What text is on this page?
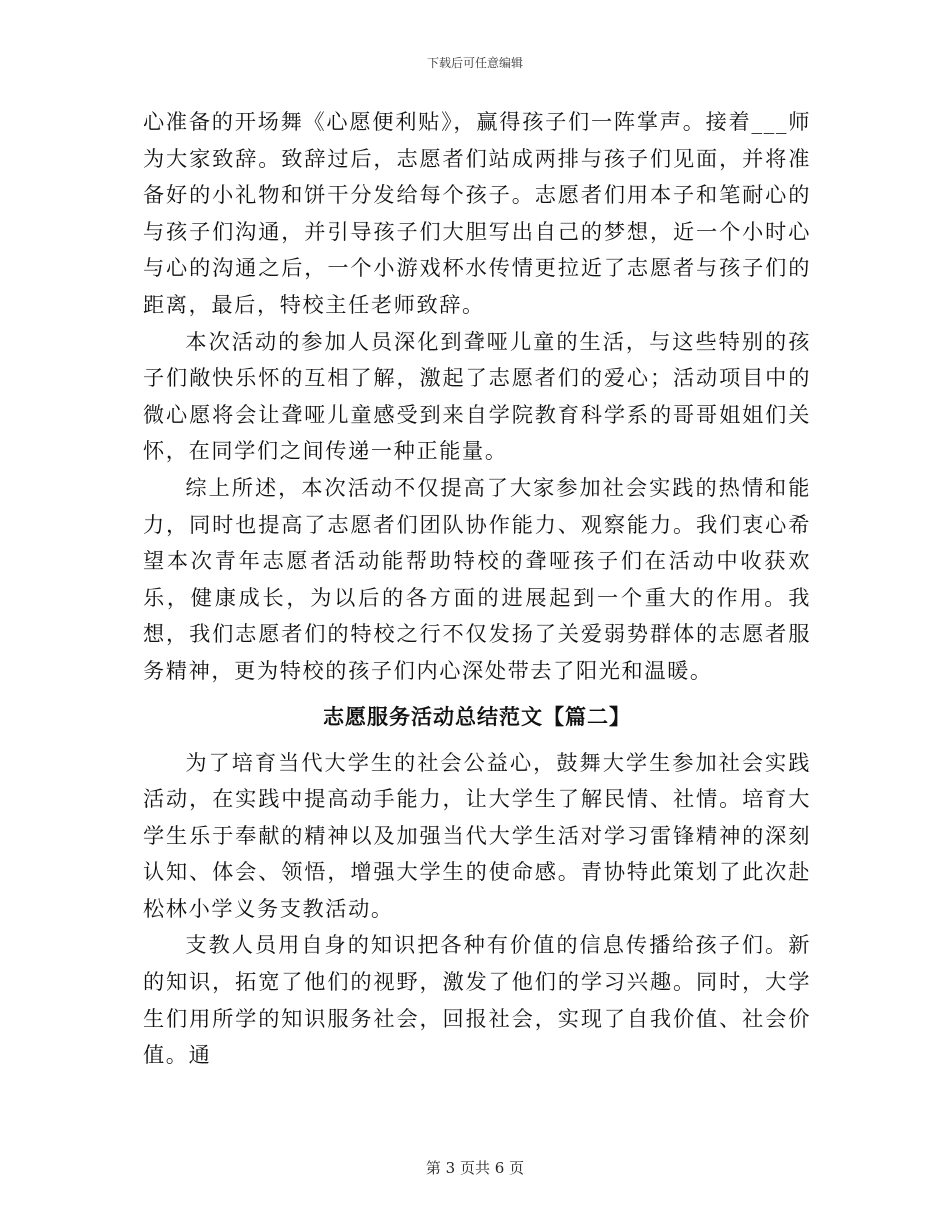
下载后可任意编辑

心准备的开场舞《心愿便利贴》，赢得孩子们一阵掌声。接着___师为大家致辞。致辞过后，志愿者们站成两排与孩子们见面，并将准备好的小礼物和饼干分发给每个孩子。志愿者们用本子和笔耐心的与孩子们沟通，并引导孩子们大胆写出自己的梦想，近一个小时心与心的沟通之后，一个小游戏杯水传情更拉近了志愿者与孩子们的距离，最后，特校主任老师致辞。

本次活动的参加人员深化到聋哑儿童的生活，与这些特别的孩子们敞快乐怀的互相了解，激起了志愿者们的爱心；活动项目中的微心愿将会让聋哑儿童感受到来自学院教育科学系的哥哥姐姐们关怀，在同学们之间传递一种正能量。

综上所述，本次活动不仅提高了大家参加社会实践的热情和能力，同时也提高了志愿者们团队协作能力、观察能力。我们衷心希望本次青年志愿者活动能帮助特校的聋哑孩子们在活动中收获欢乐，健康成长，为以后的各方面的进展起到一个重大的作用。我想，我们志愿者们的特校之行不仅发扬了关爱弱势群体的志愿者服务精神，更为特校的孩子们内心深处带去了阳光和温暖。

志愿服务活动总结范文【篇二】

为了培育当代大学生的社会公益心，鼓舞大学生参加社会实践活动，在实践中提高动手能力，让大学生了解民情、社情。培育大学生乐于奉献的精神以及加强当代大学生活对学习雷锋精神的深刻认知、体会、领悟，增强大学生的使命感。青协特此策划了此次赴松林小学义务支教活动。

支教人员用自身的知识把各种有价值的信息传播给孩子们。新的知识，拓宽了他们的视野，激发了他们的学习兴趣。同时，大学生们用所学的知识服务社会，回报社会，实现了自我价值、社会价值。通

第 3 页共 6 页
